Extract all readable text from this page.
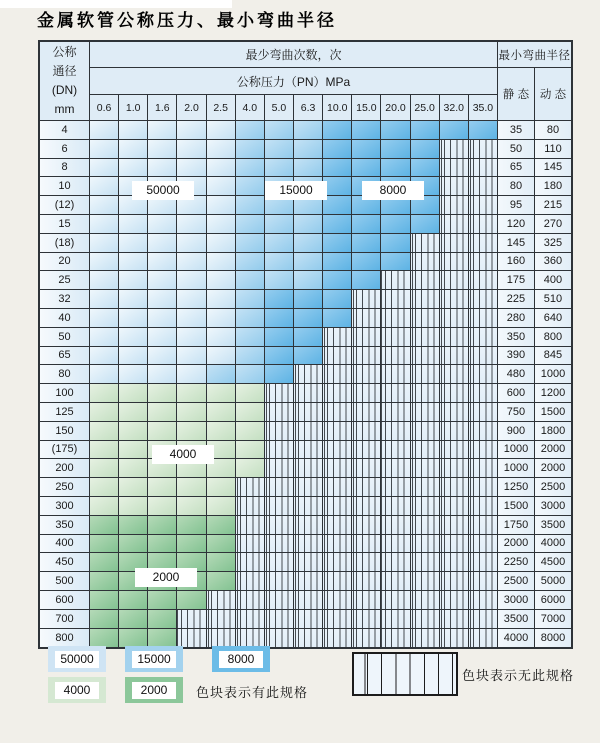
金属软管公称压力、最小弯曲半径
公称
通径
(DN)
mm
最少弯曲次数，次	最小弯曲半径
公称压力（PN）MPa
静 态 动 态
0.6	1.0	1.6	2.0	2.5	4.0	5.0	6.3	10.0 15.0 20.0 25.0 32.0 35.0
4	35	80
6	50	110
8	65	145
10	80	180
(12)	95	215
15	120	270
(18)	145	325
20	160	360
25	175	400
32	225	510
40	280	640
50	350	800
65	390	845
80	480	1000
100	600	1200
125	750	1500
150	900	1800
(175)	1000	2000
200	1000	2000
250	1250	2500
300	1500	3000
350	1750	3500
400	2000	4000
450	2250	4500
500	2500	5000
600	3000	6000
700	3500	7000
800	4000	8000
50000	15000	8000
4000
2000
色块表示有此规格
色块表示无此规格
50000	15000	8000
4000	2000
